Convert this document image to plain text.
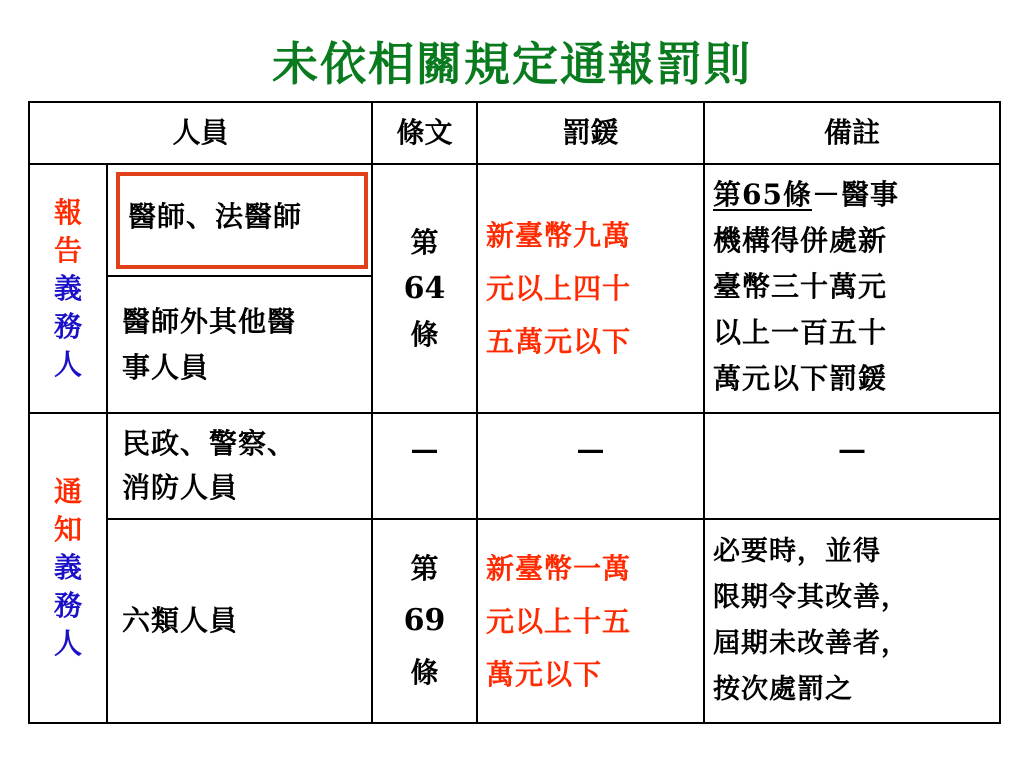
未依相關規定通報罰則
人員		條文	罰鍰	備註

報
告
義
務
人	醫師、法醫師	第
64
條	新臺幣九萬
元以上四十
五萬元以下	第65條－醫事
機構得併處新
臺幣三十萬元
以上一百五十
萬元以下罰鍰

	醫師外其他醫
事人員			

通
知
義
務
人	民政、警察、
消防人員	—	—	—
	六類人員	第
69
條	新臺幣一萬
元以上十五
萬元以下	必要時，並得
限期令其改善，
屆期未改善者，
按次處罰之
